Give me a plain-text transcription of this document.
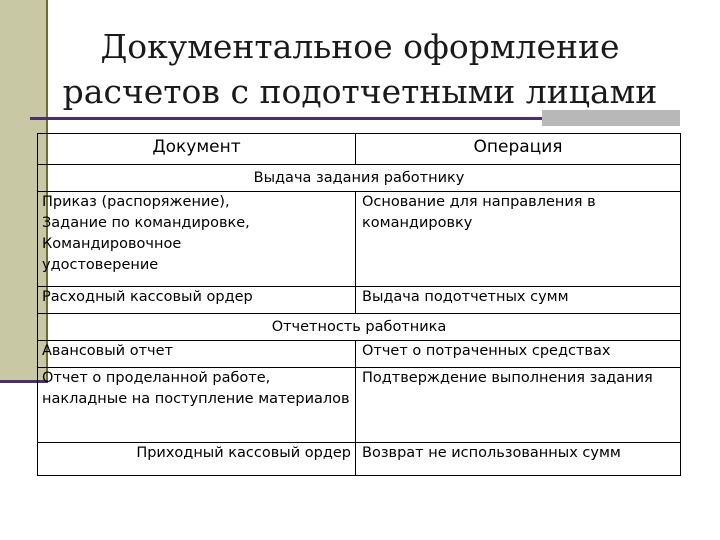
Документальное оформление
расчетов с подотчетными лицами
Документ	Операция
Выдача задания работнику	

Приказ (распоряжение),
Задание по командировке,
Командировочное
удостоверение	Основание для направления в командировку
Расходный кассовый ордер	Выдача подотчетных сумм
Отчетность работника	
Авансовый отчет	Отчет о потраченных средствах
Отчет о проделанной работе, накладные на поступление материалов	Подтверждение выполнения задания
Приходный кассовый ордер	Возврат не использованных сумм
